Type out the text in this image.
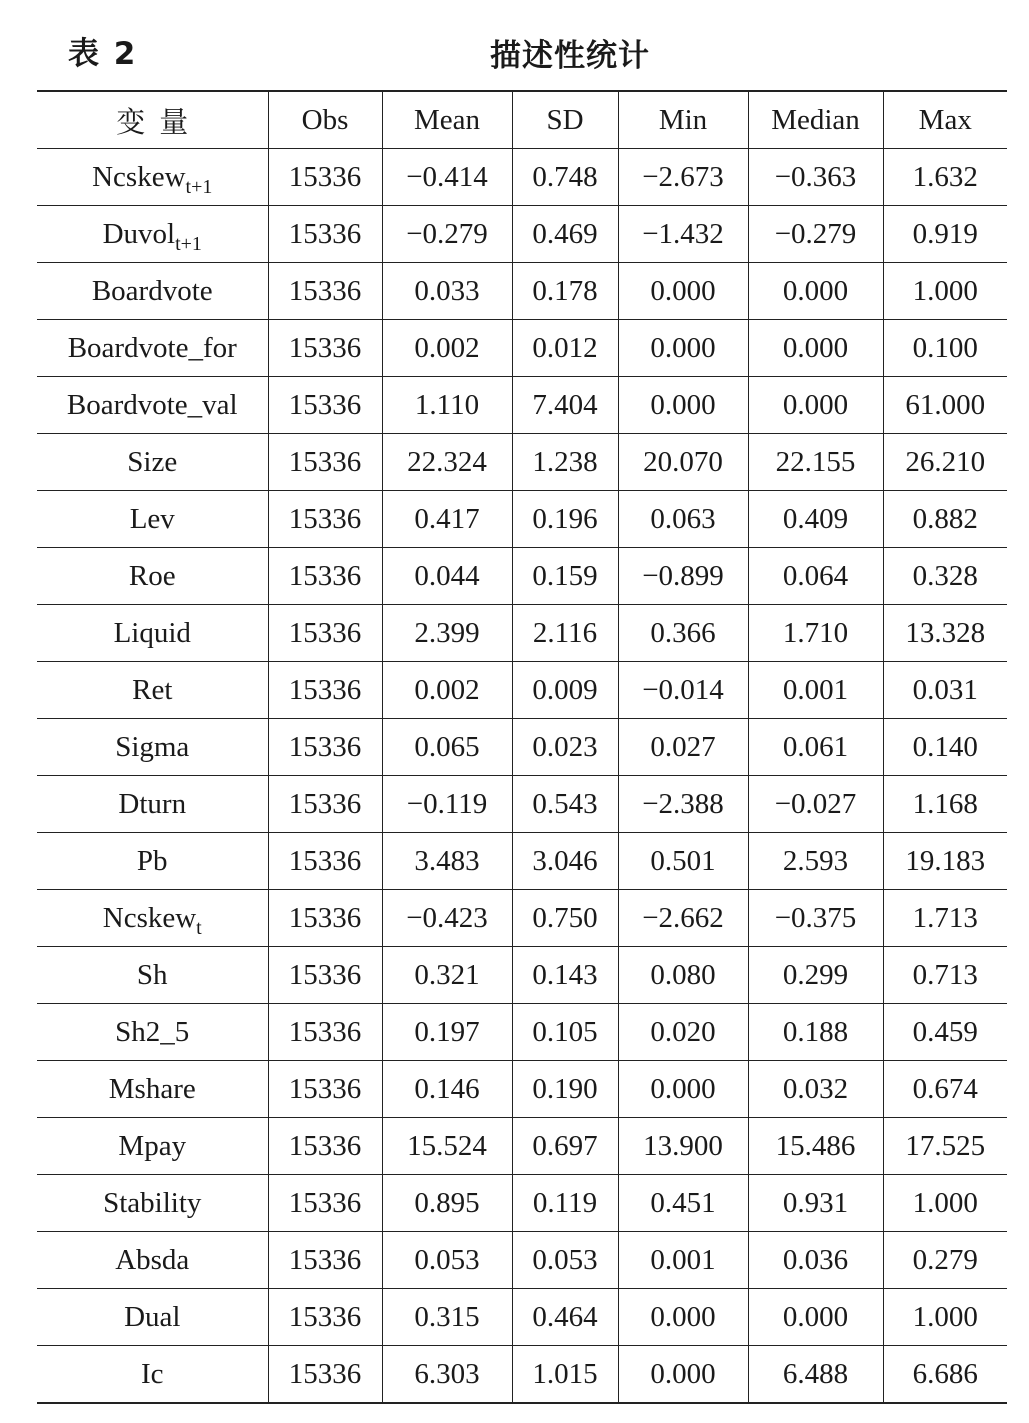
表 2	描述性统计
变量	Obs	Mean	SD	Min	Median	Max
Ncskew$_{t+1}$	15336	−0.414	0.748	−2.673	−0.363	1.632
Duvol$_{t+1}$	15336	−0.279	0.469	−1.432	−0.279	0.919
Boardvote	15336	0.033	0.178	0.000	0.000	1.000
Boardvote_for	15336	0.002	0.012	0.000	0.000	0.100
Boardvote_val	15336	1.110	7.404	0.000	0.000	61.000
Size	15336	22.324	1.238	20.070	22.155	26.210
Lev	15336	0.417	0.196	0.063	0.409	0.882
Roe	15336	0.044	0.159	−0.899	0.064	0.328
Liquid	15336	2.399	2.116	0.366	1.710	13.328
Ret	15336	0.002	0.009	−0.014	0.001	0.031
Sigma	15336	0.065	0.023	0.027	0.061	0.140
Dturn	15336	−0.119	0.543	−2.388	−0.027	1.168
Pb	15336	3.483	3.046	0.501	2.593	19.183
Ncskew$_t$	15336	−0.423	0.750	−2.662	−0.375	1.713
Sh	15336	0.321	0.143	0.080	0.299	0.713
Sh2_5	15336	0.197	0.105	0.020	0.188	0.459
Mshare	15336	0.146	0.190	0.000	0.032	0.674
Mpay	15336	15.524	0.697	13.900	15.486	17.525
Stability	15336	0.895	0.119	0.451	0.931	1.000
Absda	15336	0.053	0.053	0.001	0.036	0.279
Dual	15336	0.315	0.464	0.000	0.000	1.000
Ic	15336	6.303	1.015	0.000	6.488	6.686
